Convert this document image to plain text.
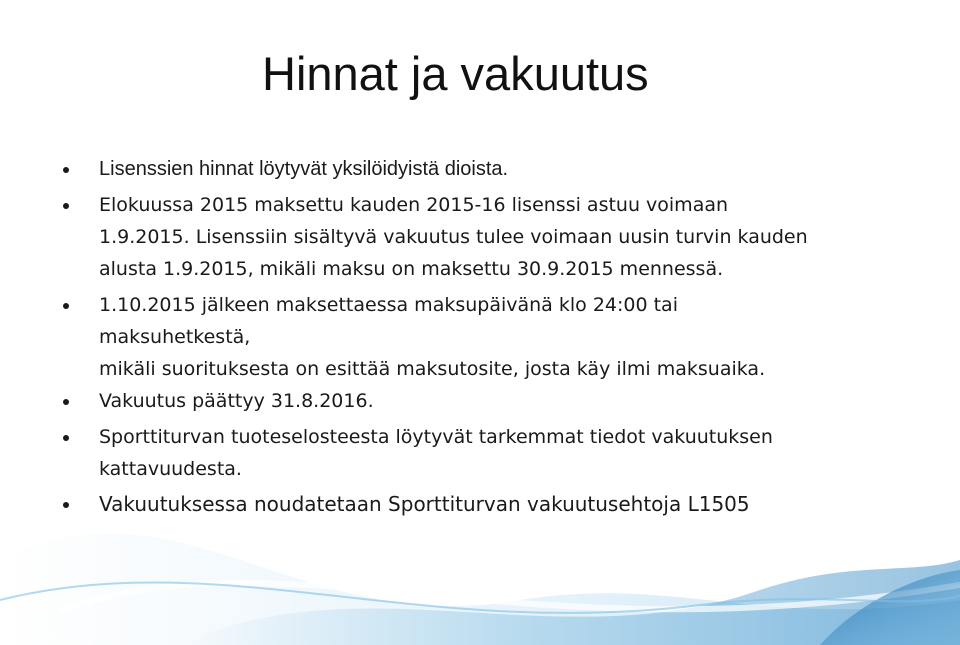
Hinnat ja vakuutus
Lisenssien hinnat löytyvät yksilöidyistä dioista.
Elokuussa 2015 maksettu kauden 2015-16 lisenssi astuu voimaan
1.9.2015. Lisenssiin sisältyvä vakuutus tulee voimaan uusin turvin kauden
alusta 1.9.2015, mikäli maksu on maksettu 30.9.2015 mennessä.
1.10.2015 jälkeen maksettaessa maksupäivänä klo 24:00 tai
maksuhetkestä,
mikäli suorituksesta on esittää maksutosite, josta käy ilmi maksuaika.
Vakuutus päättyy 31.8.2016.
Sporttiturvan tuoteselosteesta löytyvät tarkemmat tiedot vakuutuksen
kattavuudesta.
Vakuutuksessa noudatetaan Sporttiturvan vakuutusehtoja L1505
